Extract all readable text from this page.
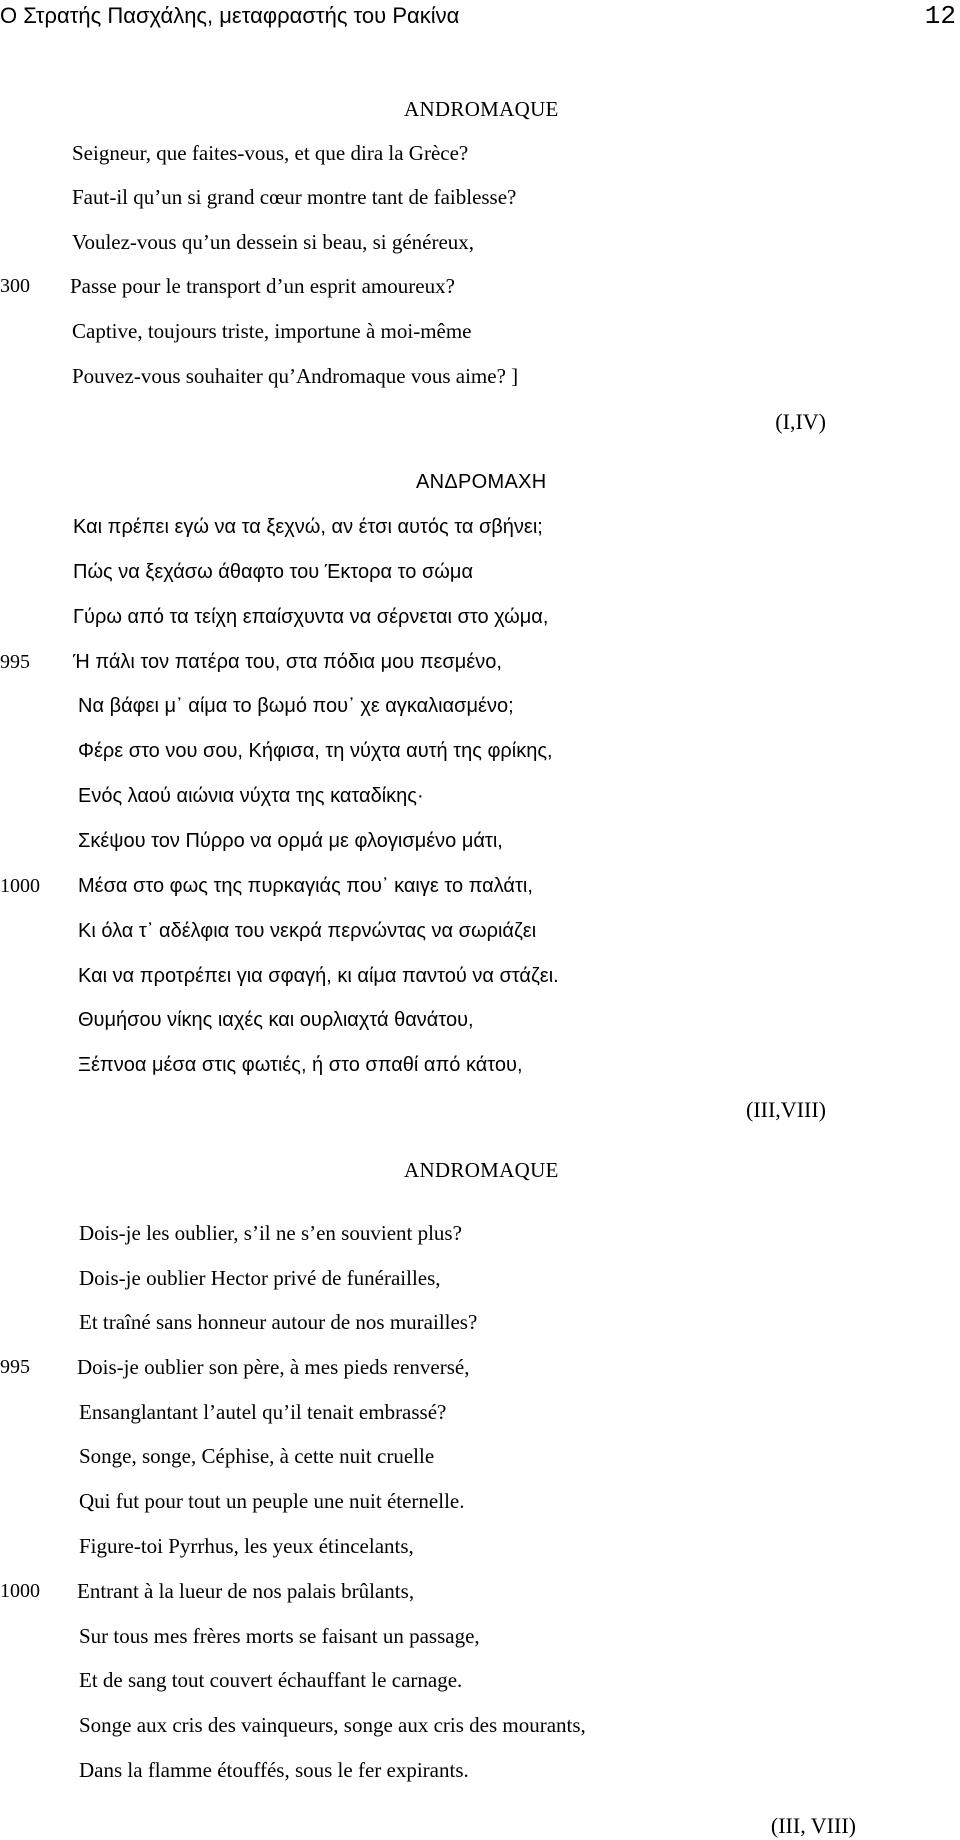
Ο Στρατής Πασχάλης, μεταφραστής του Ρακίνα	12
ANDROMAQUE
Seigneur, que faites-vous, et que dira la Grèce?
Faut-il qu’un si grand cœur montre tant de faiblesse?
Voulez-vous qu’un dessein si beau, si généreux,
300 Passe pour le transport d’un esprit amoureux?
Captive, toujours triste, importune à moi-même
Pouvez-vous souhaiter qu’Andromaque vous aime? ]
(I,IV)
ΑΝΔΡΟΜΑΧΗ
Και πρέπει εγώ να τα ξεχνώ, αν έτσι αυτός τα σβήνει;
Πώς να ξεχάσω άθαφτο του Έκτορα το σώμα
Γύρω από τα τείχη επαίσχυντα να σέρνεται στο χώμα,
995 Ή πάλι τον πατέρα του, στα πόδια μου πεσμένο,
Να βάφει μ᾽ αίμα το βωμό που᾽ χε αγκαλιασμένο;
Φέρε στο νου σου, Κήφισα, τη νύχτα αυτή της φρίκης,
Ενός λαού αιώνια νύχτα της καταδίκης·
Σκέψου τον Πύρρο να ορμά με φλογισμένο μάτι,
1000 Μέσα στο φως της πυρκαγιάς που᾽ καιγε το παλάτι,
Κι όλα τ᾽ αδέλφια του νεκρά περνώντας να σωριάζει
Και να προτρέπει για σφαγή, κι αίμα παντού να στάζει.
Θυμήσου νίκης ιαχές και ουρλιαχτά θανάτου,
Ξέπνοα μέσα στις φωτιές, ή στο σπαθί από κάτου,
(III,VIII)
ANDROMAQUE
Dois-je les oublier, s’il ne s’en souvient plus?
Dois-je oublier Hector privé de funérailles,
Et traîné sans honneur autour de nos murailles?
995 Dois-je oublier son père, à mes pieds renversé,
Ensanglantant l’autel qu’il tenait embrassé?
Songe, songe, Céphise, à cette nuit cruelle
Qui fut pour tout un peuple une nuit éternelle.
Figure-toi Pyrrhus, les yeux étincelants,
1000 Entrant à la lueur de nos palais brûlants,
Sur tous mes frères morts se faisant un passage,
Et de sang tout couvert échauffant le carnage.
Songe aux cris des vainqueurs, songe aux cris des mourants,
Dans la flamme étouffés, sous le fer expirants.
(III, VIII)
